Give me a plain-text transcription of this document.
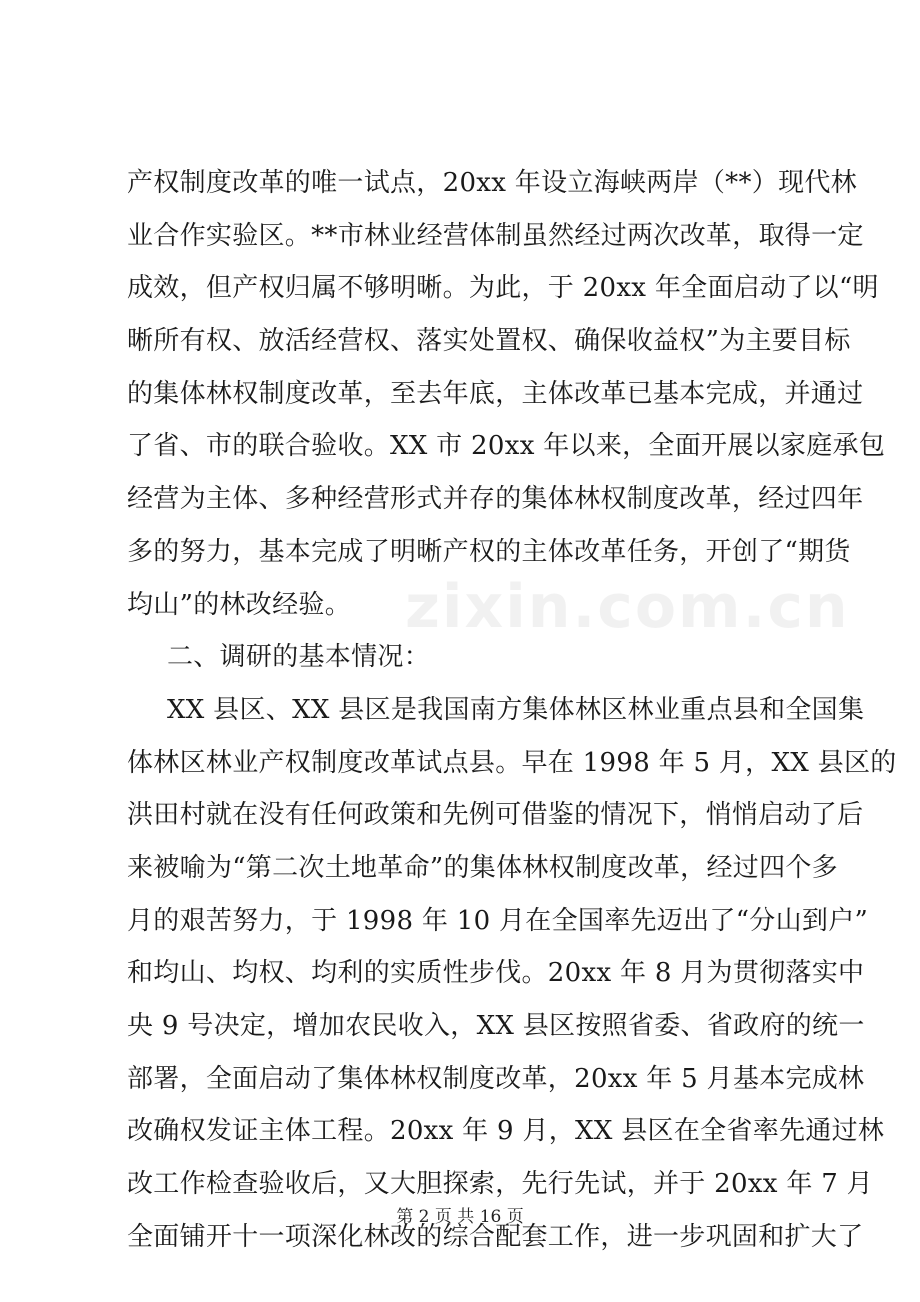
产权制度改革的唯一试点，20xx 年设立海峡两岸（**）现代林
业合作实验区。**市林业经营体制虽然经过两次改革，取得一定
成效，但产权归属不够明晰。为此，于 20xx 年全面启动了以“明
晰所有权、放活经营权、落实处置权、确保收益权”为主要目标
的集体林权制度改革，至去年底，主体改革已基本完成，并通过
了省、市的联合验收。XX 市 20xx 年以来，全面开展以家庭承包
经营为主体、多种经营形式并存的集体林权制度改革，经过四年
多的努力，基本完成了明晰产权的主体改革任务，开创了“期货
均山”的林改经验。
二、调研的基本情况：
XX 县区、XX 县区是我国南方集体林区林业重点县和全国集
体林区林业产权制度改革试点县。早在 1998 年 5 月，XX 县区的
洪田村就在没有任何政策和先例可借鉴的情况下，悄悄启动了后
来被喻为“第二次土地革命”的集体林权制度改革，经过四个多
月的艰苦努力，于 1998 年 10 月在全国率先迈出了“分山到户”
和均山、均权、均利的实质性步伐。20xx 年 8 月为贯彻落实中
央 9 号决定，增加农民收入，XX 县区按照省委、省政府的统一
部署，全面启动了集体林权制度改革，20xx 年 5 月基本完成林
改确权发证主体工程。20xx 年 9 月，XX 县区在全省率先通过林
改工作检查验收后，又大胆探索，先行先试，并于 20xx 年 7 月
全面铺开十一项深化林改的综合配套工作，进一步巩固和扩大了
zixin.com.cn
第 2 页 共 16 页
